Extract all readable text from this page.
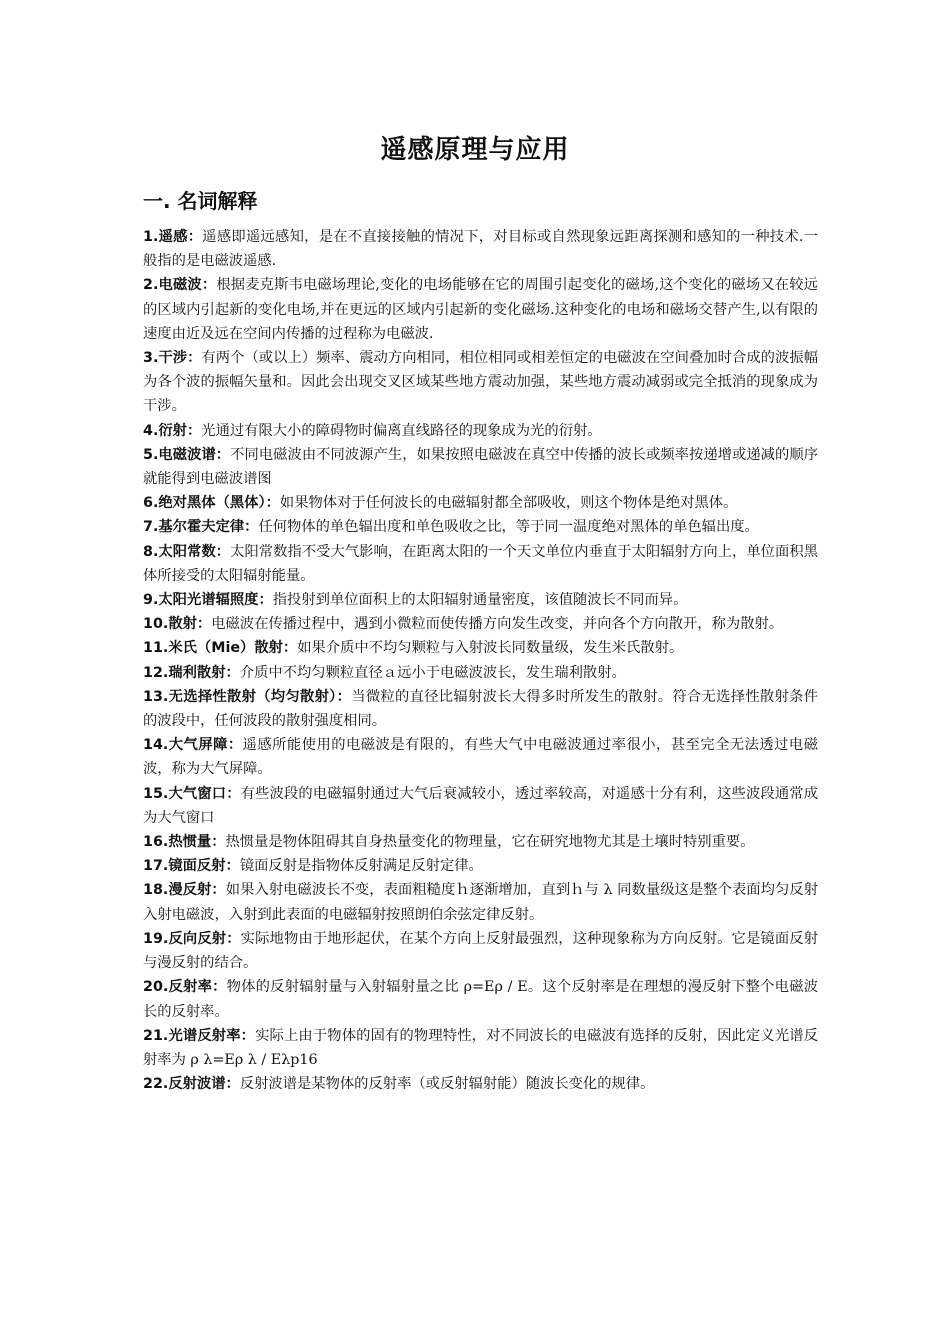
遥感原理与应用
一. 名词解释

1.遥感：遥感即遥远感知，是在不直接接触的情况下，对目标或自然现象远距离探测和感知的一种技术.一般指的是电磁波遥感.

2.电磁波：根据麦克斯韦电磁场理论,变化的电场能够在它的周围引起变化的磁场,这个变化的磁场又在较远的区域内引起新的变化电场,并在更远的区域内引起新的变化磁场.这种变化的电场和磁场交替产生,以有限的速度由近及远在空间内传播的过程称为电磁波.

3.干涉：有两个（或以上）频率、震动方向相同，相位相同或相差恒定的电磁波在空间叠加时合成的波振幅为各个波的振幅矢量和。因此会出现交叉区域某些地方震动加强，某些地方震动减弱或完全抵消的现象成为干涉。

4.衍射：光通过有限大小的障碍物时偏离直线路径的现象成为光的衍射。

5.电磁波谱：不同电磁波由不同波源产生，如果按照电磁波在真空中传播的波长或频率按递增或递减的顺序就能得到电磁波谱图

6.绝对黑体（黑体）：如果物体对于任何波长的电磁辐射都全部吸收，则这个物体是绝对黑体。

7.基尔霍夫定律：任何物体的单色辐出度和单色吸收之比，等于同一温度绝对黑体的单色辐出度。

8.太阳常数：太阳常数指不受大气影响，在距离太阳的一个天文单位内垂直于太阳辐射方向上，单位面积黑体所接受的太阳辐射能量。

9.太阳光谱辐照度：指投射到单位面积上的太阳辐射通量密度，该值随波长不同而异。

10.散射：电磁波在传播过程中，遇到小微粒而使传播方向发生改变，并向各个方向散开，称为散射。

11.米氏（Mie）散射：如果介质中不均匀颗粒与入射波长同数量级，发生米氏散射。

12.瑞利散射：介质中不均匀颗粒直径ａ远小于电磁波波长，发生瑞利散射。

13.无选择性散射（均匀散射）：当微粒的直径比辐射波长大得多时所发生的散射。符合无选择性散射条件的波段中，任何波段的散射强度相同。

14.大气屏障：遥感所能使用的电磁波是有限的，有些大气中电磁波通过率很小，甚至完全无法透过电磁波，称为大气屏障。

15.大气窗口：有些波段的电磁辐射通过大气后衰减较小，透过率较高，对遥感十分有利，这些波段通常成为大气窗口

16.热惯量：热惯量是物体阻碍其自身热量变化的物理量，它在研究地物尤其是土壤时特别重要。

17.镜面反射：镜面反射是指物体反射满足反射定律。

18.漫反射：如果入射电磁波长不变，表面粗糙度ｈ逐渐增加，直到ｈ与 λ 同数量级这是整个表面均匀反射入射电磁波，入射到此表面的电磁辐射按照朗伯余弦定律反射。

19.反向反射：实际地物由于地形起伏，在某个方向上反射最强烈，这种现象称为方向反射。它是镜面反射与漫反射的结合。

20.反射率：物体的反射辐射量与入射辐射量之比 ρ=Eρ / E。这个反射率是在理想的漫反射下整个电磁波长的反射率。

21.光谱反射率：实际上由于物体的固有的物理特性，对不同波长的电磁波有选择的反射，因此定义光谱反射率为 ρ λ=Eρ λ / Eλp16

22.反射波谱：反射波谱是某物体的反射率（或反射辐射能）随波长变化的规律。
